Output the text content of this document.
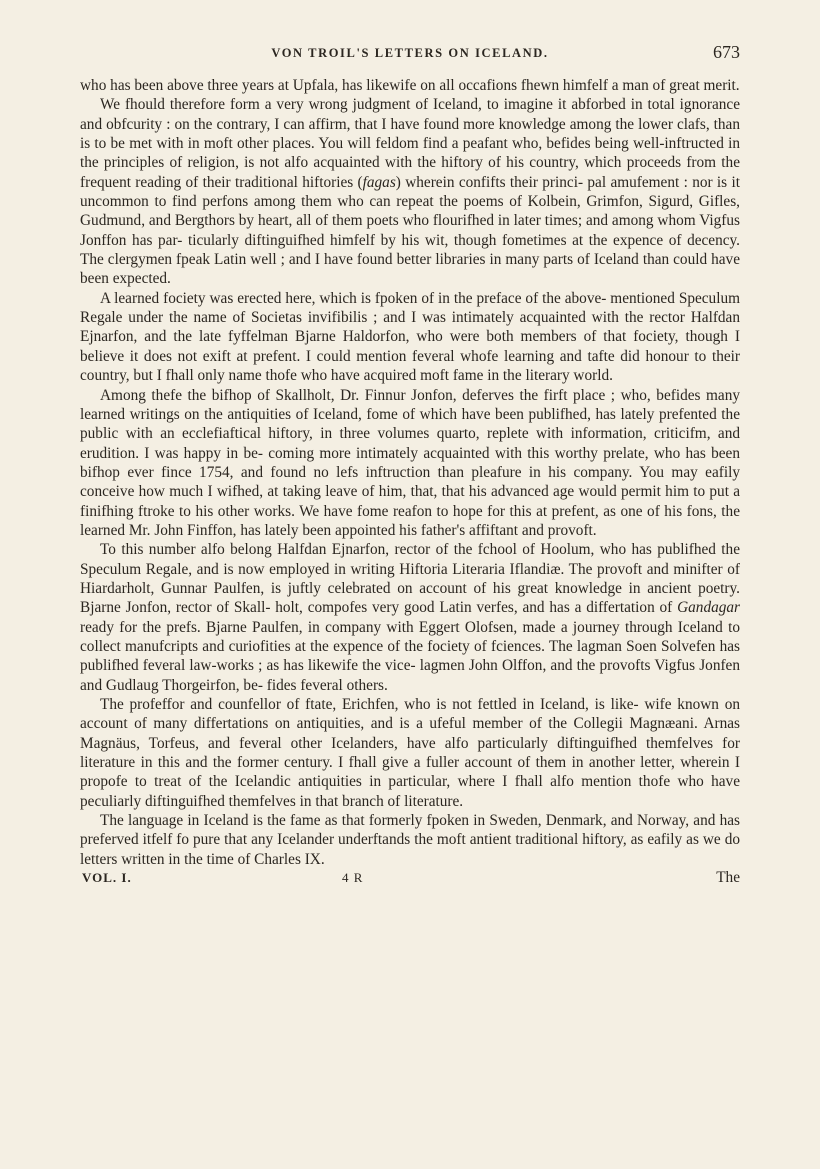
VON TROIL'S LETTERS ON ICELAND.	673

who has been above three years at Upfala, has likewife on all occafions fhewn himfelf a man of great merit.

We fhould therefore form a very wrong judgment of Iceland, to imagine it abforbed in total ignorance and obfcurity : on the contrary, I can affirm, that I have found more knowledge among the lower clafs, than is to be met with in moft other places. You will feldom find a peafant who, befides being well-inftructed in the principles of religion, is not alfo acquainted with the hiftory of his country, which proceeds from the frequent reading of their traditional hiftories (fagas) wherein confifts their princi- pal amufement : nor is it uncommon to find perfons among them who can repeat the poems of Kolbein, Grimfon, Sigurd, Gifles, Gudmund, and Bergthors by heart, all of them poets who flourifhed in later times; and among whom Vigfus Jonffon has par- ticularly diftinguifhed himfelf by his wit, though fometimes at the expence of decency. The clergymen fpeak Latin well ; and I have found better libraries in many parts of Iceland than could have been expected.

A learned fociety was erected here, which is fpoken of in the preface of the above- mentioned Speculum Regale under the name of Societas invifibilis ; and I was intimately acquainted with the rector Halfdan Ejnarfon, and the late fyffelman Bjarne Haldorfon, who were both members of that fociety, though I believe it does not exift at prefent. I could mention feveral whofe learning and tafte did honour to their country, but I fhall only name thofe who have acquired moft fame in the literary world.

Among thefe the bifhop of Skallholt, Dr. Finnur Jonfon, deferves the firft place ; who, befides many learned writings on the antiquities of Iceland, fome of which have been publifhed, has lately prefented the public with an ecclefiaftical hiftory, in three volumes quarto, replete with information, criticifm, and erudition. I was happy in be- coming more intimately acquainted with this worthy prelate, who has been bifhop ever fince 1754, and found no lefs inftruction than pleafure in his company. You may eafily conceive how much I wifhed, at taking leave of him, that, that his advanced age would permit him to put a finifhing ftroke to his other works. We have fome reafon to hope for this at prefent, as one of his fons, the learned Mr. John Finffon, has lately been appointed his father's affiftant and provoft.

To this number alfo belong Halfdan Ejnarfon, rector of the fchool of Hoolum, who has publifhed the Speculum Regale, and is now employed in writing Hiftoria Literaria Iflandiæ. The provoft and minifter of Hiardarholt, Gunnar Paulfen, is juftly celebrated on account of his great knowledge in ancient poetry. Bjarne Jonfon, rector of Skall- holt, compofes very good Latin verfes, and has a differtation of Gandagar ready for the prefs. Bjarne Paulfen, in company with Eggert Olofsen, made a journey through Iceland to collect manufcripts and curiofities at the expence of the fociety of fciences. The lagman Soen Solvefen has publifhed feveral law-works ; as has likewife the vice- lagmen John Olffon, and the provofts Vigfus Jonfen and Gudlaug Thorgeirfon, be- fides feveral others.

The profeffor and counfellor of ftate, Erichfen, who is not fettled in Iceland, is like- wife known on account of many differtations on antiquities, and is a ufeful member of the Collegii Magnæani. Arnas Magnäus, Torfeus, and feveral other Icelanders, have alfo particularly diftinguifhed themfelves for literature in this and the former century. I fhall give a fuller account of them in another letter, wherein I propofe to treat of the Icelandic antiquities in particular, where I fhall alfo mention thofe who have peculiarly diftinguifhed themfelves in that branch of literature.

The language in Iceland is the fame as that formerly fpoken in Sweden, Denmark, and Norway, and has preferved itfelf fo pure that any Icelander underftands the moft antient traditional hiftory, as eafily as we do letters written in the time of Charles IX.

VOL. I.	4 R	The
